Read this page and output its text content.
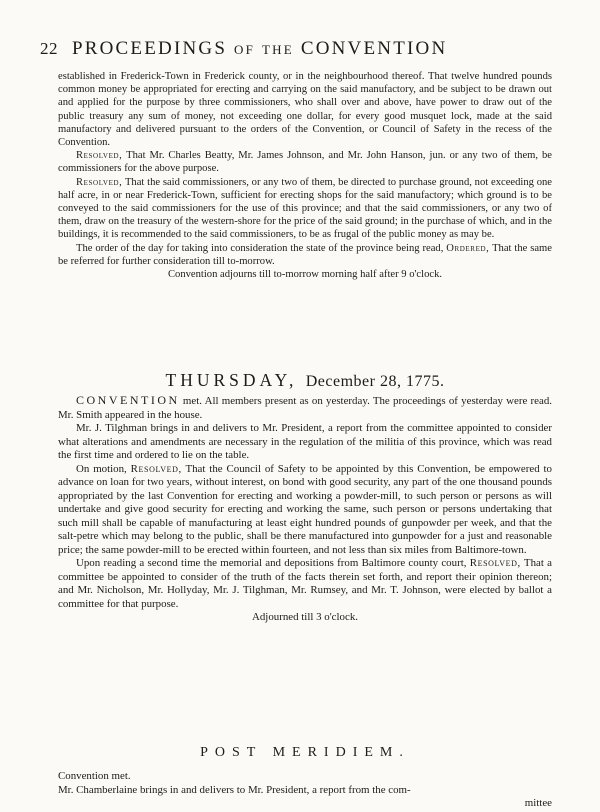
22 PROCEEDINGS of the CONVENTION

established in Frederick-Town in Frederick county, or in the neighbourhood thereof. That twelve hundred pounds common money be appropriated for erecting and carrying on the said manufactory, and be subject to be drawn out and applied for the purpose by three commissioners, who shall over and above, have power to draw out of the public treasury any sum of money, not exceeding one dollar, for every good musquet lock, made at the said manufactory and delivered pursuant to the orders of the Convention, or Council of Safety in the recess of the Convention.

Resolved, That Mr. Charles Beatty, Mr. James Johnson, and Mr. John Hanson, jun. or any two of them, be commissioners for the above purpose.

Resolved, That the said commissioners, or any two of them, be directed to purchase ground, not exceeding one half acre, in or near Frederick-Town, sufficient for erecting shops for the said manufactory; which ground is to be conveyed to the said commissioners for the use of this province; and that the said commissioners, or any two of them, draw on the treasury of the western-shore for the price of the said ground; in the purchase of which, and in the buildings, it is recommended to the said commissioners, to be as frugal of the public money as may be.

The order of the day for taking into consideration the state of the province being read, Ordered, That the same be referred for further consideration till to-morrow.

Convention adjourns till to-morrow morning half after 9 o'clock.

THURSDAY, December 28, 1775.

CONVENTION met. All members present as on yesterday. The proceedings of yesterday were read. Mr. Smith appeared in the house.

Mr. J. Tilghman brings in and delivers to Mr. President, a report from the committee appointed to consider what alterations and amendments are necessary in the regulation of the militia of this province, which was read the first time and ordered to lie on the table.

On motion, Resolved, That the Council of Safety to be appointed by this Convention, be empowered to advance on loan for two years, without interest, on bond with good security, any part of the one thousand pounds appropriated by the last Convention for erecting and working a powder-mill, to such person or persons as will undertake and give good security for erecting and working the same, such person or persons undertaking that such mill shall be capable of manufacturing at least eight hundred pounds of gunpowder per week, and that the salt-petre which may belong to the public, shall be there manufactured into gunpowder for a just and reasonable price; the same powder-mill to be erected within fourteen, and not less than six miles from Baltimore-town.

Upon reading a second time the memorial and depositions from Baltimore county court, Resolved, That a committee be appointed to consider of the truth of the facts therein set forth, and report their opinion thereon; and Mr. Nicholson, Mr. Hollyday, Mr. J. Tilghman, Mr. Rumsey, and Mr. T. Johnson, were elected by ballot a committee for that purpose.

Adjourned till 3 o'clock.

POST MERIDIEM.

Convention met.

Mr. Chamberlaine brings in and delivers to Mr. President, a report from the com-

mittee
